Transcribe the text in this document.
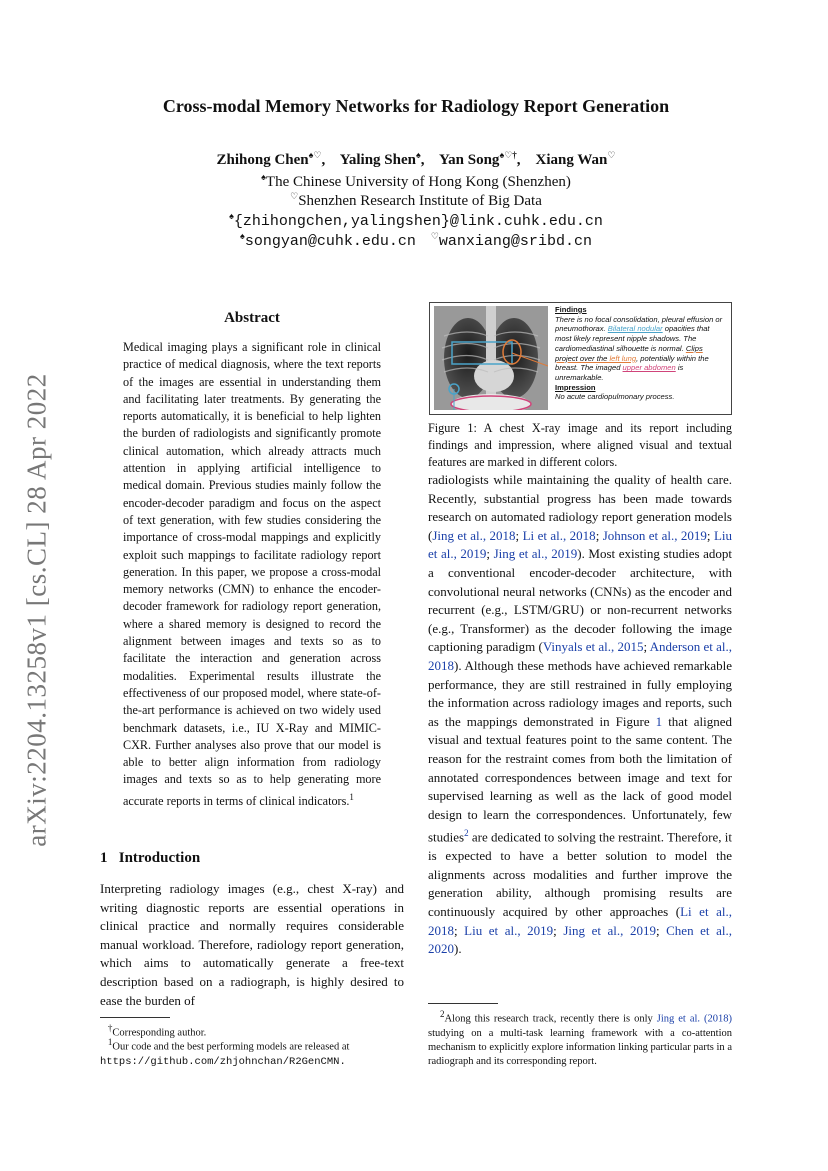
arXiv:2204.13258v1 [cs.CL] 28 Apr 2022
Cross-modal Memory Networks for Radiology Report Generation
Zhihong Chen♠♡,    Yaling Shen♠,    Yan Song♠♡†,    Xiang Wan♡
♠The Chinese University of Hong Kong (Shenzhen)
♡Shenzhen Research Institute of Big Data
♠{zhihongchen,yalingshen}@link.cuhk.edu.cn
♠songyan@cuhk.edu.cn ♡wanxiang@sribd.cn
Abstract
Medical imaging plays a significant role in clinical practice of medical diagnosis, where the text reports of the images are essential in understanding them and facilitating later treatments. By generating the reports automatically, it is beneficial to help lighten the burden of radiologists and significantly promote clinical automation, which already attracts much attention in applying artificial intelligence to medical domain. Previous studies mainly follow the encoder-decoder paradigm and focus on the aspect of text generation, with few studies considering the importance of cross-modal mappings and explicitly exploit such mappings to facilitate radiology report generation. In this paper, we propose a cross-modal memory networks (CMN) to enhance the encoder-decoder framework for radiology report generation, where a shared memory is designed to record the alignment between images and texts so as to facilitate the interaction and generation across modalities. Experimental results illustrate the effectiveness of our proposed model, where state-of-the-art performance is achieved on two widely used benchmark datasets, i.e., IU X-Ray and MIMIC-CXR. Further analyses also prove that our model is able to better align information from radiology images and texts so as to help generating more accurate reports in terms of clinical indicators.$^1$
1 Introduction
Interpreting radiology images (e.g., chest X-ray) and writing diagnostic reports are essential operations in clinical practice and normally requires considerable manual workload. Therefore, radiology report generation, which aims to automatically generate a free-text description based on a radiograph, is highly desired to ease the burden of
†Corresponding author.
$^1$Our code and the best performing models are released at
https://github.com/zhjohnchan/R2GenCMN.
Findings
There is no focal consolidation, pleural effusion or pneumothorax. Bilateral nodular opacities that most likely represent nipple shadows. The cardiomediastinal silhouette is normal. Clips project over the left lung, potentially within the breast. The imaged upper abdomen is unremarkable.
Impression
No acute cardiopulmonary process.
Figure 1: A chest X-ray image and its report including findings and impression, where aligned visual and textual features are marked in different colors.
radiologists while maintaining the quality of health care. Recently, substantial progress has been made towards research on automated radiology report generation models (Jing et al., 2018; Li et al., 2018; Johnson et al., 2019; Liu et al., 2019; Jing et al., 2019). Most existing studies adopt a conventional encoder-decoder architecture, with convolutional neural networks (CNNs) as the encoder and recurrent (e.g., LSTM/GRU) or non-recurrent networks (e.g., Transformer) as the decoder following the image captioning paradigm (Vinyals et al., 2015; Anderson et al., 2018). Although these methods have achieved remarkable performance, they are still restrained in fully employing the information across radiology images and reports, such as the mappings demonstrated in Figure 1 that aligned visual and textual features point to the same content. The reason for the restraint comes from both the limitation of annotated correspondences between image and text for supervised learning as well as the lack of good model design to learn the correspondences. Unfortunately, few studies$^2$ are dedicated to solving the restraint. Therefore, it is expected to have a better solution to model the alignments across modalities and further improve the generation ability, although promising results are continuously acquired by other approaches (Li et al., 2018; Liu et al., 2019; Jing et al., 2019; Chen et al., 2020).
$^2$Along this research track, recently there is only Jing et al. (2018) studying on a multi-task learning framework with a co-attention mechanism to explicitly explore information linking particular parts in a radiograph and its corresponding report.
